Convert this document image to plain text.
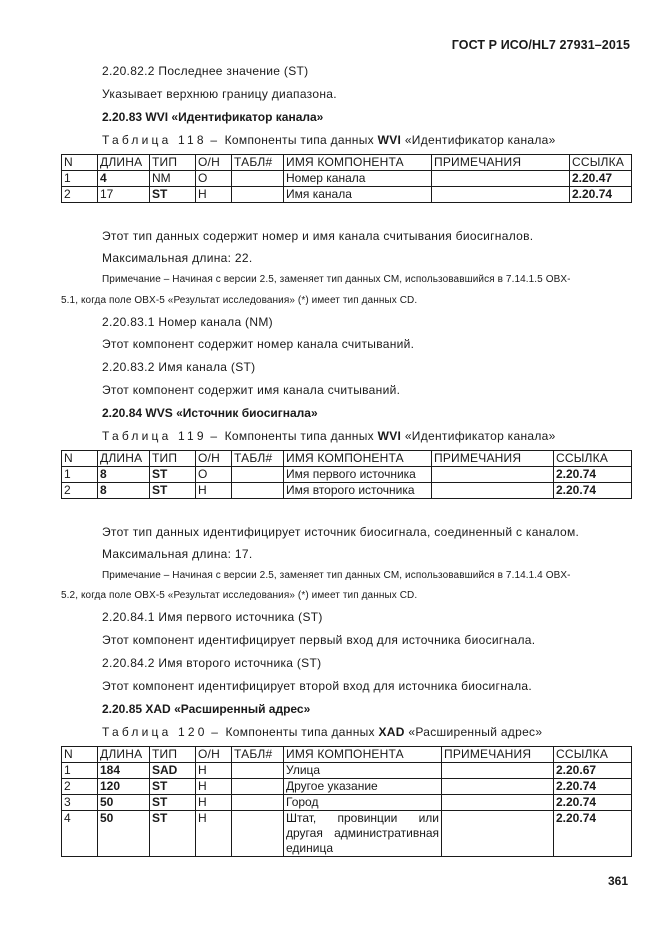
ГОСТ Р ИСО/HL7 27931–2015
2.20.82.2 Последнее значение (ST)
Указывает верхнюю границу диапазона.
2.20.83 WVI «Идентификатор канала»
Таблица 118 – Компоненты типа данных WVI «Идентификатор канала»
N	ДЛИНА	ТИП	О/Н	ТАБЛ#	ИМЯ КОМПОНЕНТА	ПРИМЕЧАНИЯ	ССЫЛКА
1	4	NM	О		Номер канала		2.20.47
2	17	ST	Н		Имя канала		2.20.74
Этот тип данных содержит номер и имя канала считывания биосигналов.
Максимальная длина: 22.
Примечание – Начиная с версии 2.5, заменяет тип данных CM, использовавшийся в 7.14.1.5 OBX-
5.1, когда поле OBX-5 «Результат исследования» (*) имеет тип данных CD.
2.20.83.1 Номер канала (NM)
Этот компонент содержит номер канала считываний.
2.20.83.2 Имя канала (ST)
Этот компонент содержит имя канала считываний.
2.20.84 WVS «Источник биосигнала»
Таблица 119 – Компоненты типа данных WVI «Идентификатор канала»
N	ДЛИНА	ТИП	О/Н	ТАБЛ#	ИМЯ КОМПОНЕНТА	ПРИМЕЧАНИЯ	ССЫЛКА
1	8	ST	О		Имя первого источника		2.20.74
2	8	ST	Н		Имя второго источника		2.20.74
Этот тип данных идентифицирует источник биосигнала, соединенный с каналом.
Максимальная длина: 17.
Примечание – Начиная с версии 2.5, заменяет тип данных CM, использовавшийся в 7.14.1.4 OBX-
5.2, когда поле OBX-5 «Результат исследования» (*) имеет тип данных CD.
2.20.84.1 Имя первого источника (ST)
Этот компонент идентифицирует первый вход для источника биосигнала.
2.20.84.2 Имя второго источника (ST)
Этот компонент идентифицирует второй вход для источника биосигнала.
2.20.85 XAD «Расширенный адрес»
Таблица 120 – Компоненты типа данных XAD «Расширенный адрес»
N	ДЛИНА	ТИП	О/Н	ТАБЛ#	ИМЯ КОМПОНЕНТА	ПРИМЕЧАНИЯ	ССЫЛКА
1	184	SAD	Н		Улица		2.20.67
2	120	ST	Н		Другое указание		2.20.74
3	50	ST	Н		Город		2.20.74
4	50	ST	Н		Штат, провинции или другая административная единица		2.20.74
361
